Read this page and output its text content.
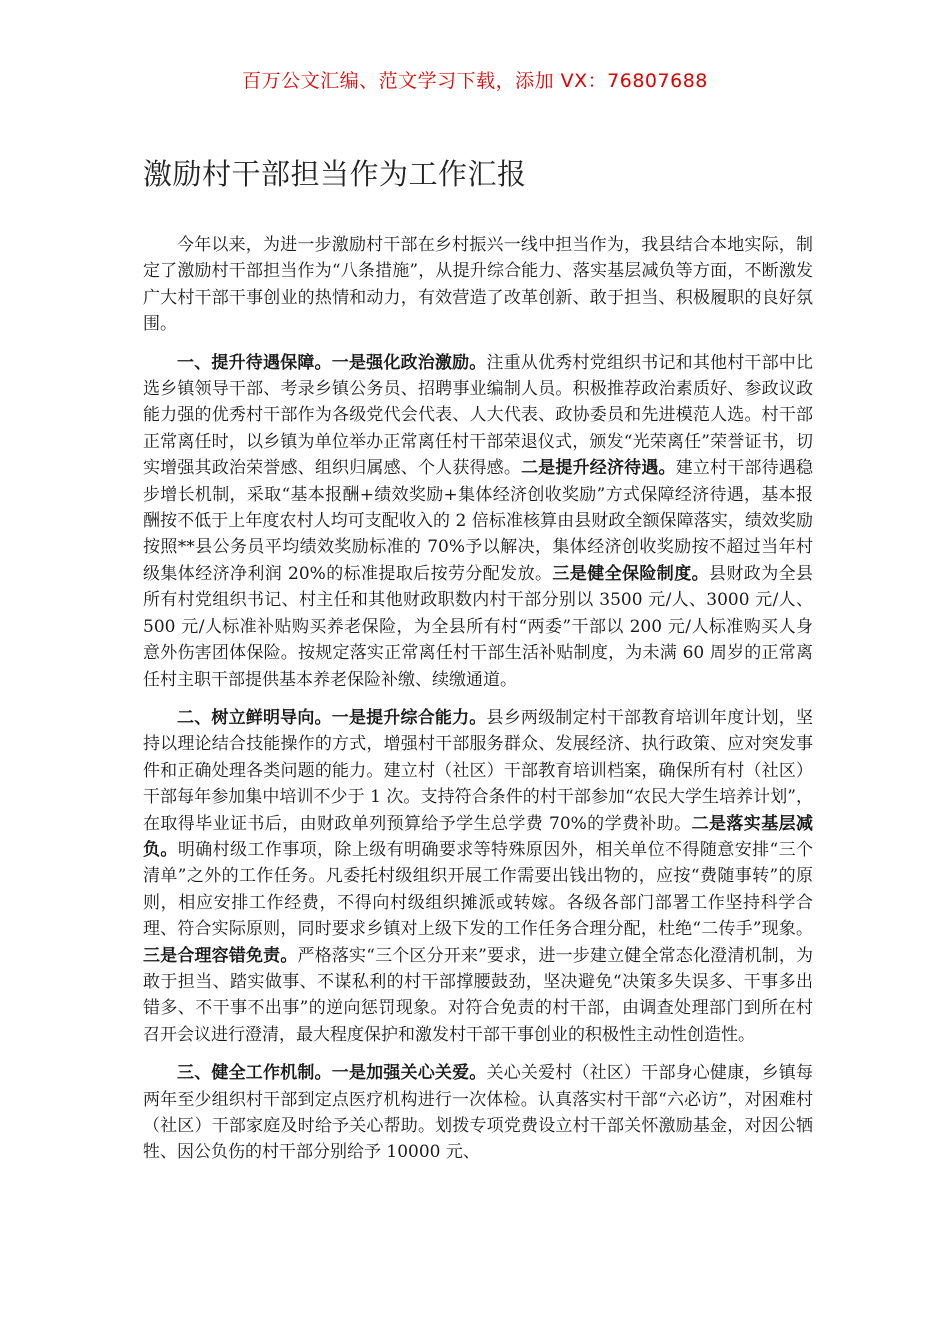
百万公文汇编、范文学习下载，添加 VX：76807688
激励村干部担当作为工作汇报

今年以来，为进一步激励村干部在乡村振兴一线中担当作为，我县结合本地实际，制定了激励村干部担当作为“八条措施”，从提升综合能力、落实基层减负等方面，不断激发广大村干部干事创业的热情和动力，有效营造了改革创新、敢于担当、积极履职的良好氛围。

一、提升待遇保障。一是强化政治激励。注重从优秀村党组织书记和其他村干部中比选乡镇领导干部、考录乡镇公务员、招聘事业编制人员。积极推荐政治素质好、参政议政能力强的优秀村干部作为各级党代会代表、人大代表、政协委员和先进模范人选。村干部正常离任时，以乡镇为单位举办正常离任村干部荣退仪式，颁发“光荣离任”荣誉证书，切实增强其政治荣誉感、组织归属感、个人获得感。二是提升经济待遇。建立村干部待遇稳步增长机制，采取“基本报酬+绩效奖励+集体经济创收奖励”方式保障经济待遇，基本报酬按不低于上年度农村人均可支配收入的 2 倍标准核算由县财政全额保障落实，绩效奖励按照**县公务员平均绩效奖励标准的 70%予以解决，集体经济创收奖励按不超过当年村级集体经济净利润 20%的标准提取后按劳分配发放。三是健全保险制度。县财政为全县所有村党组织书记、村主任和其他财政职数内村干部分别以 3500 元/人、3000 元/人、500 元/人标准补贴购买养老保险，为全县所有村“两委”干部以 200 元/人标准购买人身意外伤害团体保险。按规定落实正常离任村干部生活补贴制度，为未满 60 周岁的正常离任村主职干部提供基本养老保险补缴、续缴通道。

二、树立鲜明导向。一是提升综合能力。县乡两级制定村干部教育培训年度计划，坚持以理论结合技能操作的方式，增强村干部服务群众、发展经济、执行政策、应对突发事件和正确处理各类问题的能力。建立村（社区）干部教育培训档案，确保所有村（社区）干部每年参加集中培训不少于 1 次。支持符合条件的村干部参加“农民大学生培养计划”，在取得毕业证书后，由财政单列预算给予学生总学费 70%的学费补助。二是落实基层减负。明确村级工作事项，除上级有明确要求等特殊原因外，相关单位不得随意安排“三个清单”之外的工作任务。凡委托村级组织开展工作需要出钱出物的，应按“费随事转”的原则，相应安排工作经费，不得向村级组织摊派或转嫁。各级各部门部署工作坚持科学合理、符合实际原则，同时要求乡镇对上级下发的工作任务合理分配，杜绝“二传手”现象。三是合理容错免责。严格落实“三个区分开来”要求，进一步建立健全常态化澄清机制，为敢于担当、踏实做事、不谋私利的村干部撑腰鼓劲，坚决避免“决策多失误多、干事多出错多、不干事不出事”的逆向惩罚现象。对符合免责的村干部，由调查处理部门到所在村召开会议进行澄清，最大程度保护和激发村干部干事创业的积极性主动性创造性。

三、健全工作机制。一是加强关心关爱。关心关爱村（社区）干部身心健康，乡镇每两年至少组织村干部到定点医疗机构进行一次体检。认真落实村干部“六必访”，对困难村（社区）干部家庭及时给予关心帮助。划拨专项党费设立村干部关怀激励基金，对因公牺牲、因公负伤的村干部分别给予 10000 元、
